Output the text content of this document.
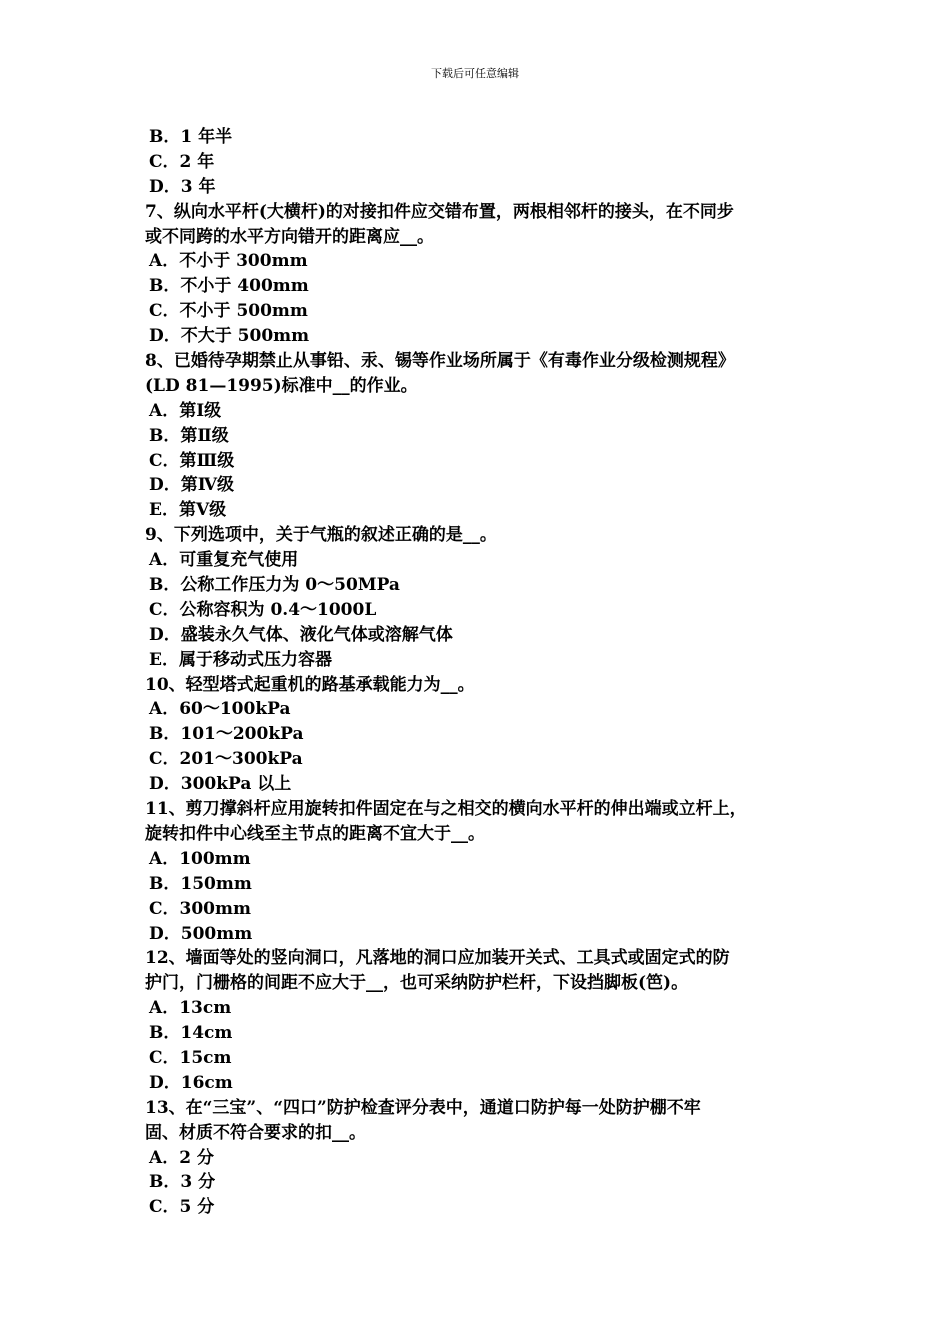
下载后可任意编辑
B．1 年半
C．2 年
D．3 年
7、纵向水平杆(大横杆)的对接扣件应交错布置，两根相邻杆的接头，在不同步
或不同跨的水平方向错开的距离应__。
A．不小于 300mm
B．不小于 400mm
C．不小于 500mm
D．不大于 500mm
8、已婚待孕期禁止从事铅、汞、锡等作业场所属于《有毒作业分级检测规程》
(LD 81—1995)标准中__的作业。
A．第Ⅰ级
B．第Ⅱ级
C．第Ⅲ级
D．第Ⅳ级
E．第Ⅴ级
9、下列选项中，关于气瓶的叙述正确的是__。
A．可重复充气使用
B．公称工作压力为 0～50MPa
C．公称容积为 0.4～1000L
D．盛装永久气体、液化气体或溶解气体
E．属于移动式压力容器
10、轻型塔式起重机的路基承载能力为__。
A．60～100kPa
B．101～200kPa
C．201～300kPa
D．300kPa 以上
11、剪刀撑斜杆应用旋转扣件固定在与之相交的横向水平杆的伸出端或立杆上，
旋转扣件中心线至主节点的距离不宜大于__。
A．100mm
B．150mm
C．300mm
D．500mm
12、墙面等处的竖向洞口，凡落地的洞口应加装开关式、工具式或固定式的防
护门，门栅格的间距不应大于__，也可采纳防护栏杆，下设挡脚板(笆)。
A．13cm
B．14cm
C．15cm
D．16cm
13、在“三宝”、“四口”防护检查评分表中，通道口防护每一处防护棚不牢
固、材质不符合要求的扣__。
A．2 分
B．3 分
C．5 分
